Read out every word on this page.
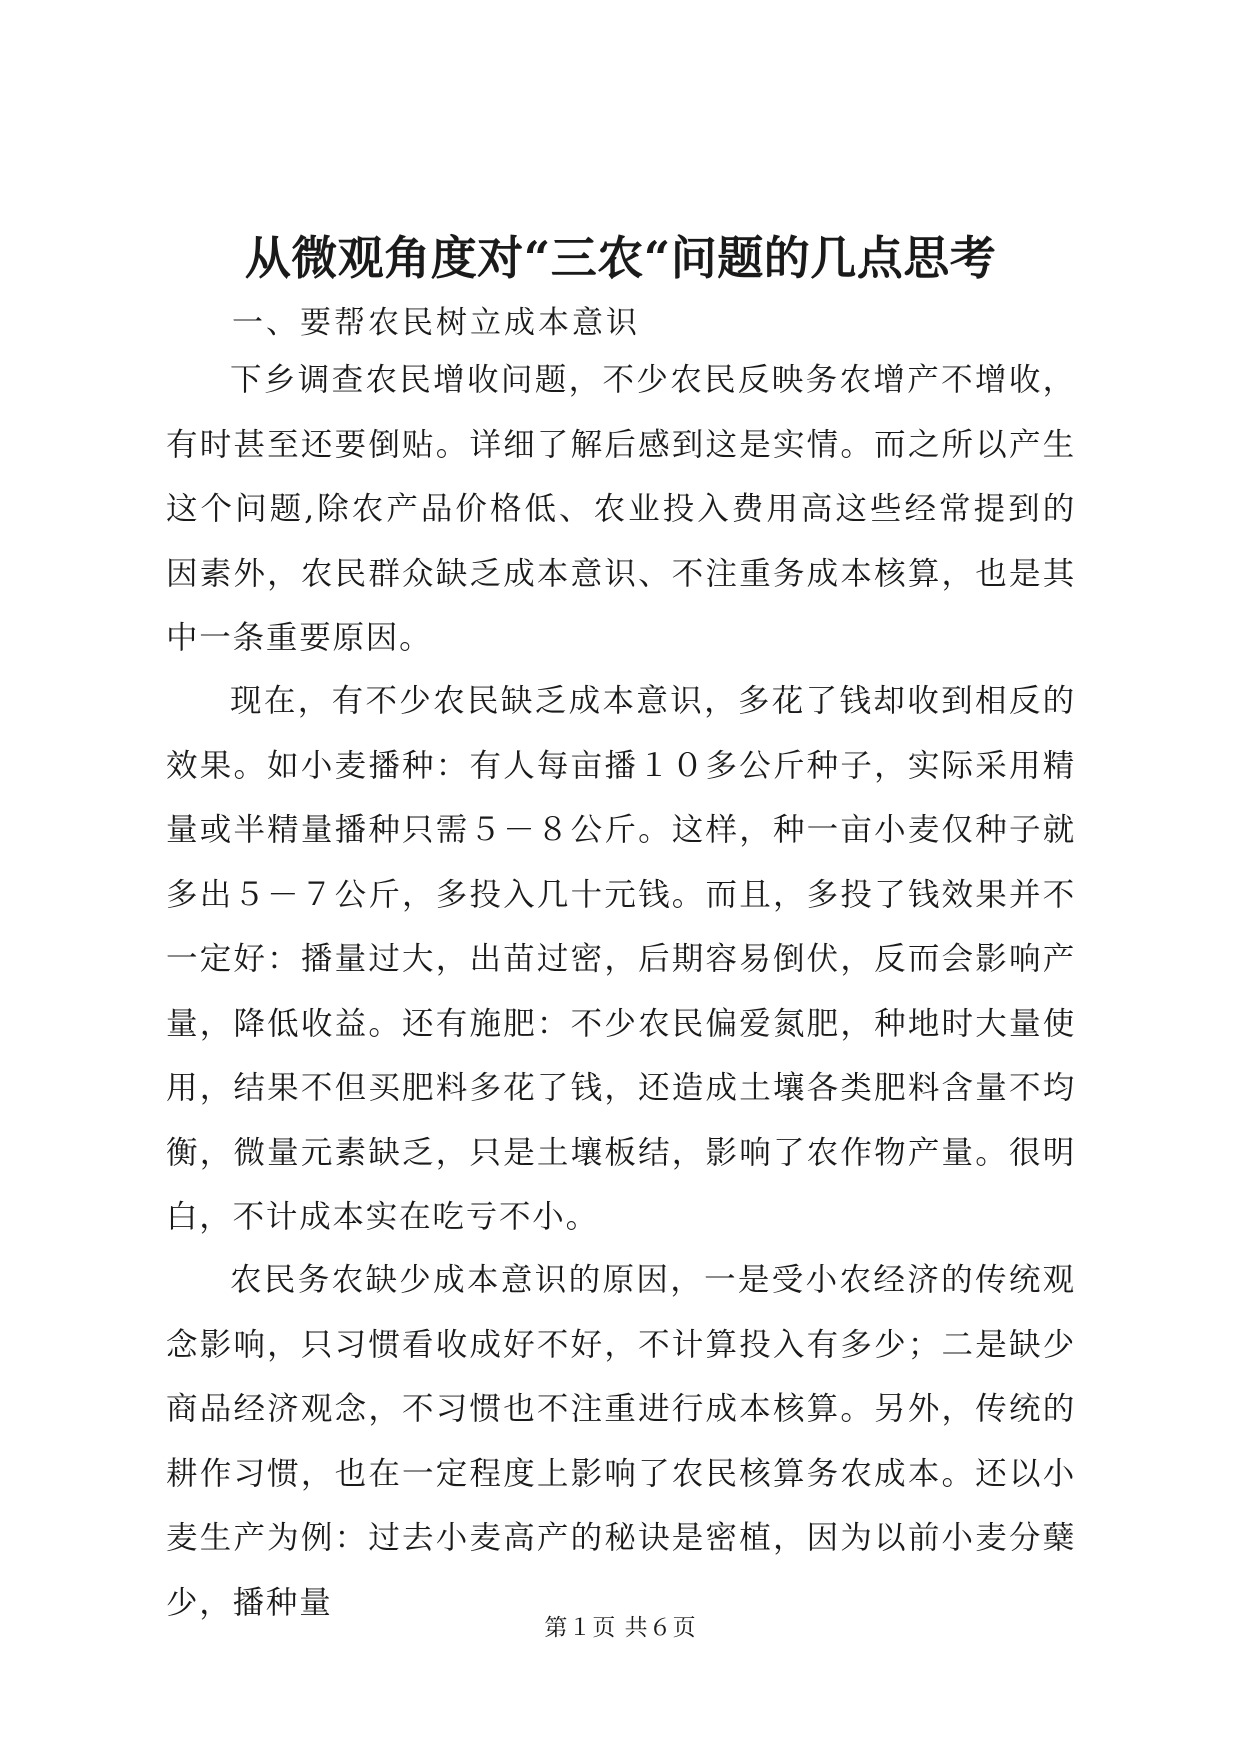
从微观角度对“三农“问题的几点思考

一、要帮农民树立成本意识

下乡调查农民增收问题，不少农民反映务农增产不增收，有时甚至还要倒贴。详细了解后感到这是实情。而之所以产生这个问题,除农产品价格低、农业投入费用高这些经常提到的因素外，农民群众缺乏成本意识、不注重务成本核算，也是其中一条重要原因。

现在，有不少农民缺乏成本意识，多花了钱却收到相反的效果。如小麦播种：有人每亩播１０多公斤种子，实际采用精量或半精量播种只需５－８公斤。这样，种一亩小麦仅种子就多出５－７公斤，多投入几十元钱。而且，多投了钱效果并不一定好：播量过大，出苗过密，后期容易倒伏，反而会影响产量，降低收益。还有施肥：不少农民偏爱氮肥，种地时大量使用，结果不但买肥料多花了钱，还造成土壤各类肥料含量不均衡，微量元素缺乏，只是土壤板结，影响了农作物产量。很明白，不计成本实在吃亏不小。

农民务农缺少成本意识的原因，一是受小农经济的传统观念影响，只习惯看收成好不好，不计算投入有多少；二是缺少商品经济观念，不习惯也不注重进行成本核算。另外，传统的耕作习惯，也在一定程度上影响了农民核算务农成本。还以小麦生产为例：过去小麦高产的秘诀是密植，因为以前小麦分蘖少，播种量

第１页 共６页
